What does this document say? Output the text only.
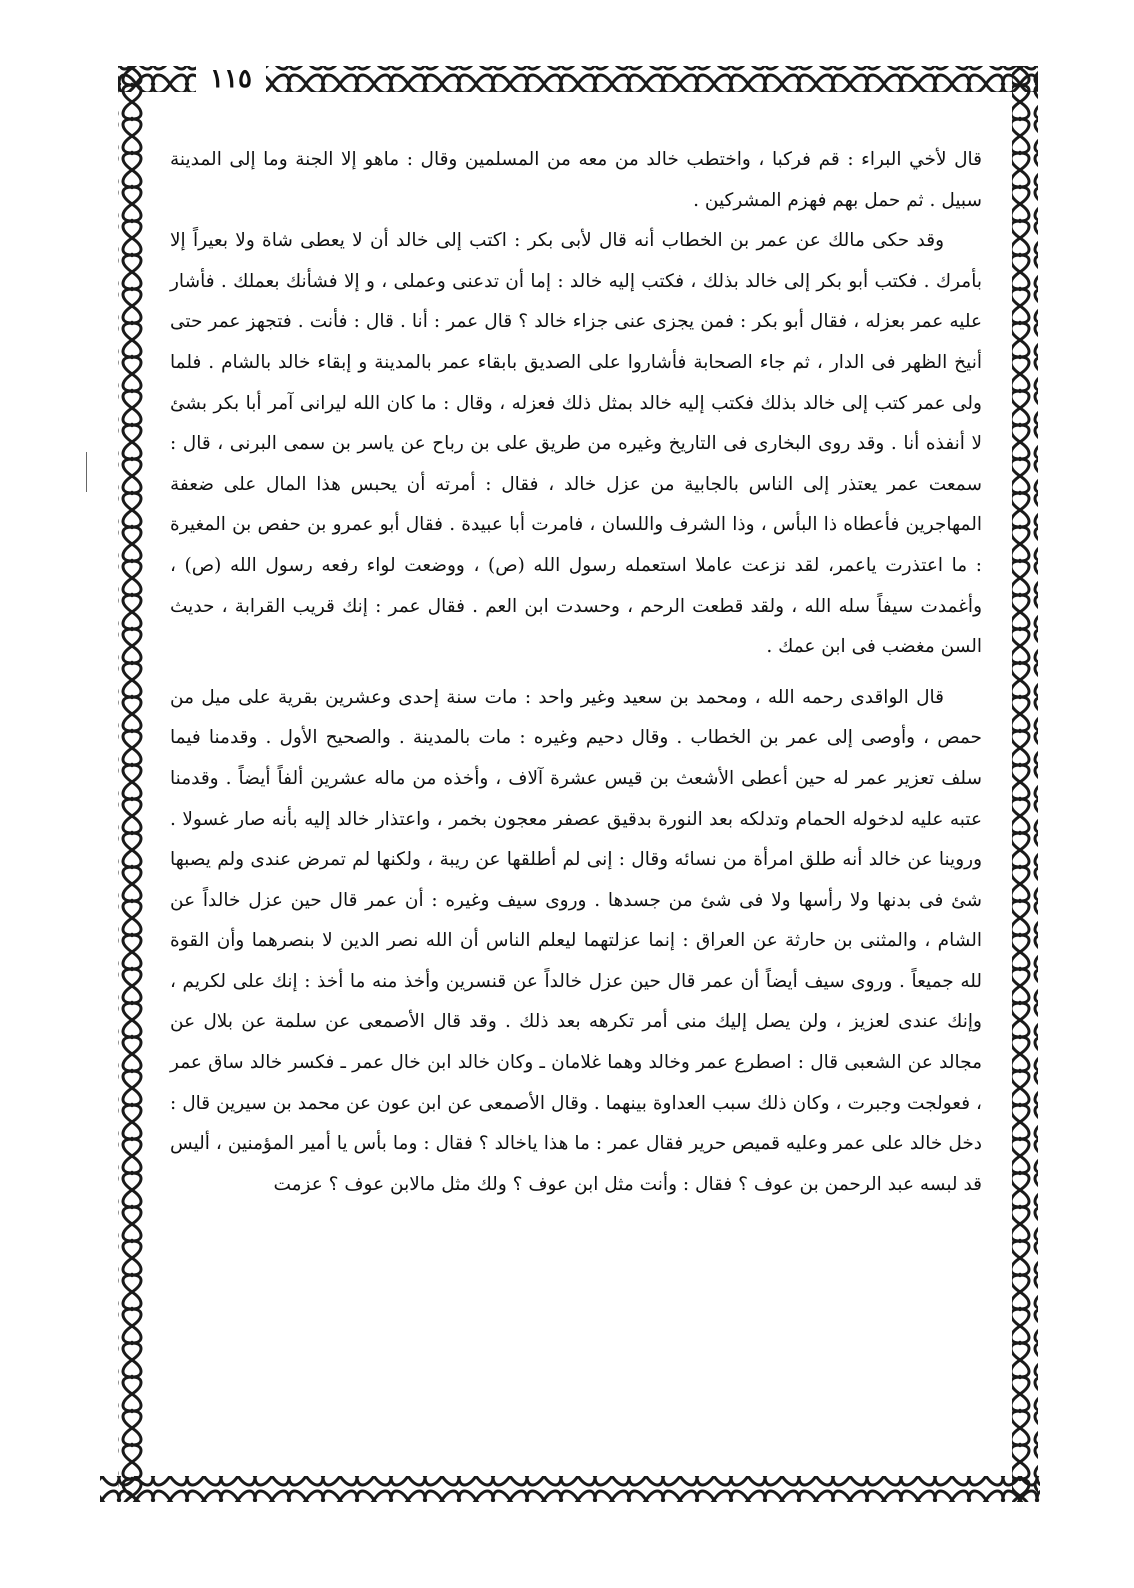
١١٥

قال لأخي البراء : قم فركبا ، واختطب خالد من معه من المسلمين وقال : ماهو إلا الجنة وما إلى المدينة سبيل . ثم حمل بهم فهزم المشركين .

وقد حكى مالك عن عمر بن الخطاب أنه قال لأبى بكر : اكتب إلى خالد أن لا يعطى شاة ولا بعيراً إلا بأمرك . فكتب أبو بكر إلى خالد بذلك ، فكتب إليه خالد : إما أن تدعنى وعملى ، و إلا فشأنك بعملك . فأشار عليه عمر بعزله ، فقال أبو بكر : فمن يجزى عنى جزاء خالد ؟ قال عمر : أنا . قال : فأنت . فتجهز عمر حتى أنيخ الظهر فى الدار ، ثم جاء الصحابة فأشاروا على الصديق بابقاء عمر بالمدينة و إبقاء خالد بالشام . فلما ولى عمر كتب إلى خالد بذلك فكتب إليه خالد بمثل ذلك فعزله ، وقال : ما كان الله ليرانى آمر أبا بكر بشئ لا أنفذه أنا . وقد روى البخارى فى التاريخ وغيره من طريق على بن رباح عن ياسر بن سمى البرنى ، قال : سمعت عمر يعتذر إلى الناس بالجابية من عزل خالد ، فقال : أمرته أن يحبس هذا المال على ضعفة المهاجرين فأعطاه ذا البأس ، وذا الشرف واللسان ، فامرت أبا عبيدة . فقال أبو عمرو بن حفص بن المغيرة : ما اعتذرت ياعمر، لقد نزعت عاملا استعمله رسول الله (ص) ، ووضعت لواء رفعه رسول الله (ص) ، وأغمدت سيفاً سله الله ، ولقد قطعت الرحم ، وحسدت ابن العم . فقال عمر : إنك قريب القرابة ، حديث السن مغضب فى ابن عمك .

قال الواقدى رحمه الله ، ومحمد بن سعيد وغير واحد : مات سنة إحدى وعشرين بقرية على ميل من حمص ، وأوصى إلى عمر بن الخطاب . وقال دحيم وغيره : مات بالمدينة . والصحيح الأول . وقدمنا فيما سلف تعزير عمر له حين أعطى الأشعث بن قيس عشرة آلاف ، وأخذه من ماله عشرين ألفاً أيضاً . وقدمنا عتبه عليه لدخوله الحمام وتدلكه بعد النورة بدقيق عصفر معجون بخمر ، واعتذار خالد إليه بأنه صار غسولا . وروينا عن خالد أنه طلق امرأة من نسائه وقال : إنى لم أطلقها عن ريبة ، ولكنها لم تمرض عندى ولم يصبها شئ فى بدنها ولا رأسها ولا فى شئ من جسدها . وروى سيف وغيره : أن عمر قال حين عزل خالداً عن الشام ، والمثنى بن حارثة عن العراق : إنما عزلتهما ليعلم الناس أن الله نصر الدين لا بنصرهما وأن القوة لله جميعاً . وروى سيف أيضاً أن عمر قال حين عزل خالداً عن قنسرين وأخذ منه ما أخذ : إنك على لكريم ، وإنك عندى لعزيز ، ولن يصل إليك منى أمر تكرهه بعد ذلك . وقد قال الأصمعى عن سلمة عن بلال عن مجالد عن الشعبى قال : اصطرع عمر وخالد وهما غلامان ـ وكان خالد ابن خال عمر ـ فكسر خالد ساق عمر ، فعولجت وجبرت ، وكان ذلك سبب العداوة بينهما . وقال الأصمعى عن ابن عون عن محمد بن سيرين قال : دخل خالد على عمر وعليه قميص حرير فقال عمر : ما هذا ياخالد ؟ فقال : وما بأس يا أمير المؤمنين ، أليس قد لبسه عبد الرحمن بن عوف ؟ فقال : وأنت مثل ابن عوف ؟ ولك مثل مالابن عوف ؟ عزمت
